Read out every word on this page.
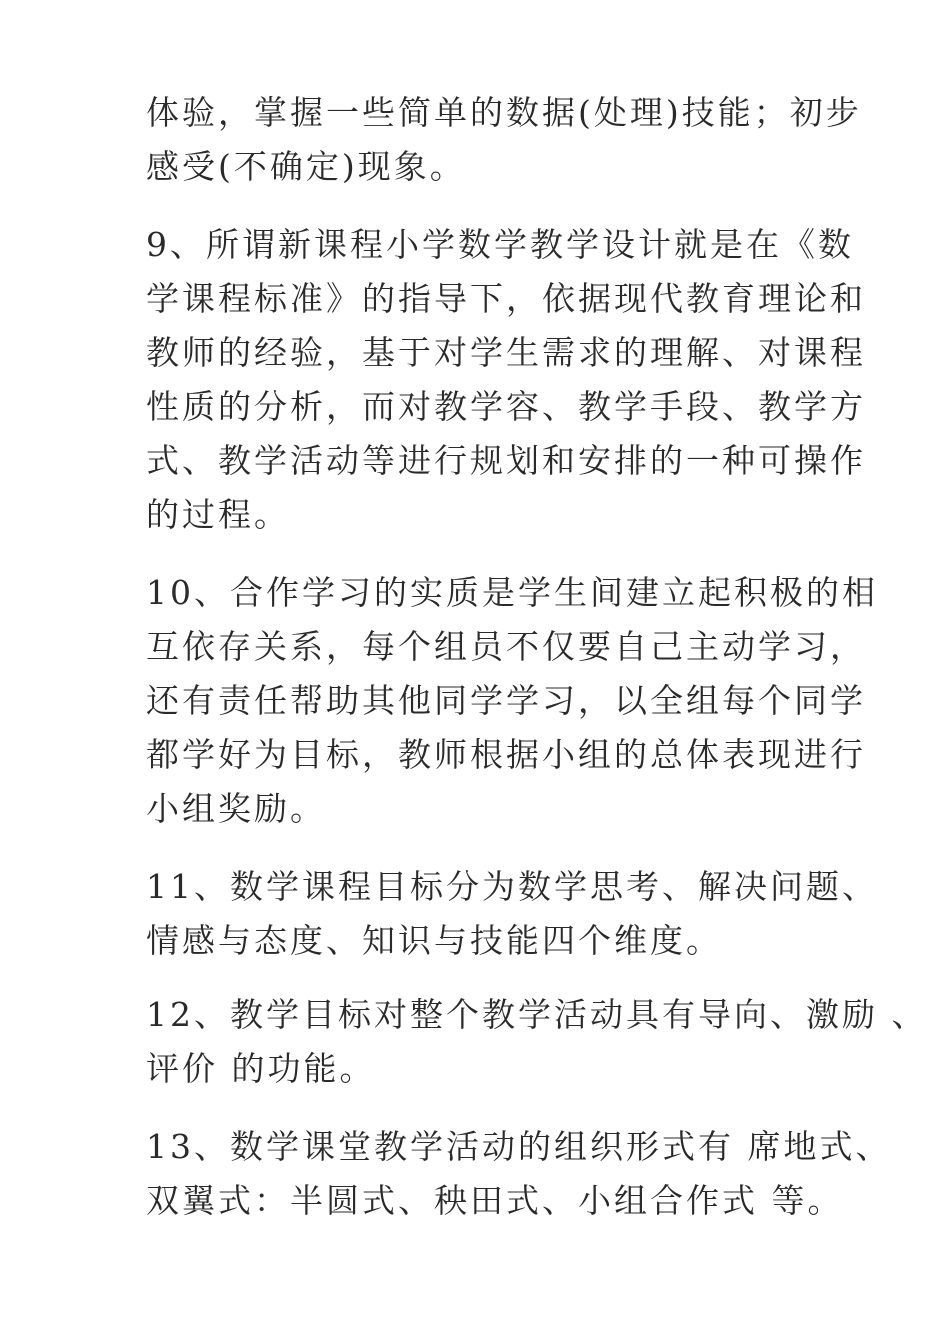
体验，掌握一些简单的数据(处理)技能；初步
感受(不确定)现象。

9、所谓新课程小学数学教学设计就是在《数
学课程标准》的指导下，依据现代教育理论和
教师的经验，基于对学生需求的理解、对课程
性质的分析，而对教学容、教学手段、教学方
式、教学活动等进行规划和安排的一种可操作
的过程。

10、合作学习的实质是学生间建立起积极的相
互依存关系，每个组员不仅要自己主动学习，
还有责任帮助其他同学学习，以全组每个同学
都学好为目标，教师根据小组的总体表现进行
小组奖励。

11、数学课程目标分为数学思考、解决问题、
情感与态度、知识与技能四个维度。

12、教学目标对整个教学活动具有导向、激励 、
评价 的功能。

13、数学课堂教学活动的组织形式有 席地式、
双翼式：半圆式、秧田式、小组合作式 等。
